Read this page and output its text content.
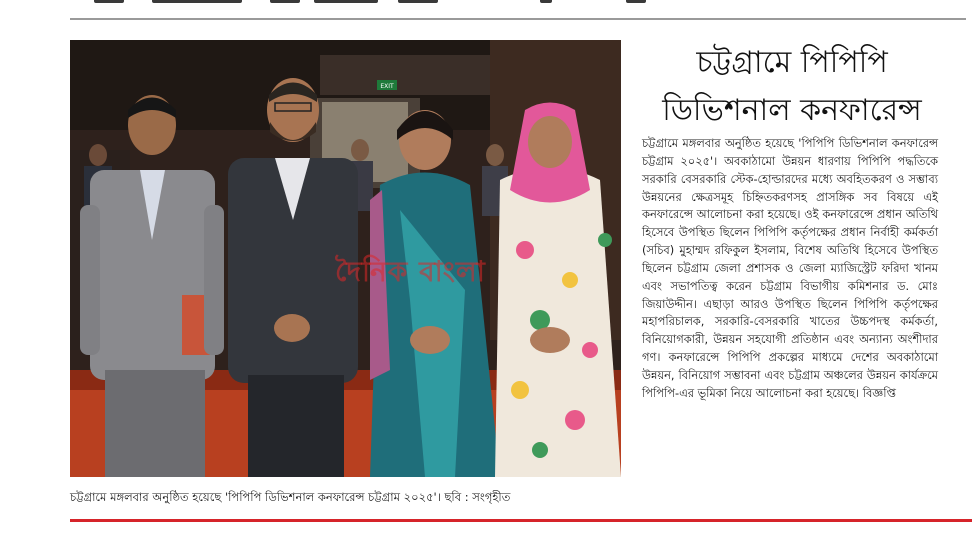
EXIT
দৈনিক বাংলা
চট্টগ্রামে মঙ্গলবার অনুষ্ঠিত হয়েছে 'পিপিপি ডিভিশনাল কনফারেন্স চট্টগ্রাম ২০২৫'। ছবি : সংগৃহীত
চট্টগ্রামে পিপিপি
ডিভিশনাল কনফারেন্স
চট্টগ্রামে মঙ্গলবার অনুষ্ঠিত হয়েছে 'পিপিপি ডিভিশনাল কনফারেন্স চট্টগ্রাম ২০২৫'। অবকাঠামো উন্নয়ন ধারণায় পিপিপি পদ্ধতিকে সরকারি বেসরকারি স্টেক-হোল্ডারদের মধ্যে অবহিতকরণ ও সম্ভাব্য উন্নয়নের ক্ষেত্রসমূহ চিহ্নিতকরণসহ প্রাসঙ্গিক সব বিষয়ে এই কনফারেন্সে আলোচনা করা হয়েছে। ওই কনফারেন্সে প্রধান অতিথি হিসেবে উপস্থিত ছিলেন পিপিপি কর্তৃপক্ষের প্রধান নির্বাহী কর্মকর্তা (সচিব) মুহাম্মদ রফিকুল ইসলাম, বিশেষ অতিথি হিসেবে উপস্থিত ছিলেন চট্টগ্রাম জেলা প্রশাসক ও জেলা ম্যাজিস্ট্রেট ফরিদা খানম এবং সভাপতিত্ব করেন চট্টগ্রাম বিভাগীয় কমিশনার ড. মোঃ জিয়াউদ্দীন। এছাড়া আরও উপস্থিত ছিলেন পিপিপি কর্তৃপক্ষের মহাপরিচালক, সরকারি-বেসরকারি খাতের উচ্চপদস্থ কর্মকর্তা, বিনিয়োগকারী, উন্নয়ন সহযোগী প্রতিষ্ঠান এবং অন্যান্য অংশীদার গণ। কনফারেন্সে পিপিপি প্রকল্পের মাধ্যমে দেশের অবকাঠামো উন্নয়ন, বিনিয়োগ সম্ভাবনা এবং চট্টগ্রাম অঞ্চলের উন্নয়ন কার্যক্রমে পিপিপি-এর ভূমিকা নিয়ে আলোচনা করা হয়েছে। বিজ্ঞপ্তি
